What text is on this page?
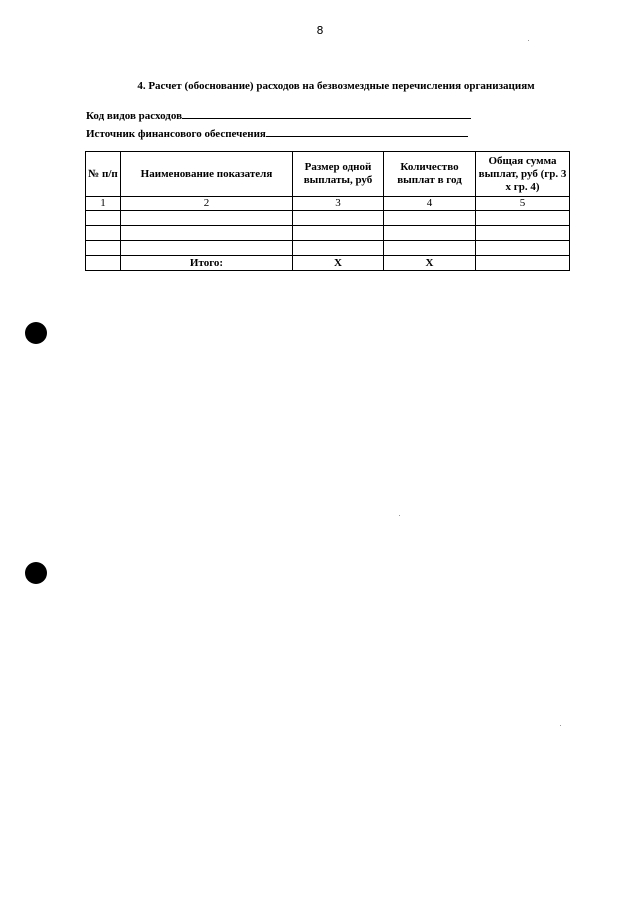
8
4. Расчет (обоснование) расходов на безвозмездные перечисления организациям
Код видов расходов
Источник финансового обеспечения
№ п/п	Наименование показателя	Размер одной выплаты, руб	Количество выплат в год	Общая сумма выплат, руб (гр. 3 х гр. 4)
1	2	3	4	5

	Итого:	Х	Х	
